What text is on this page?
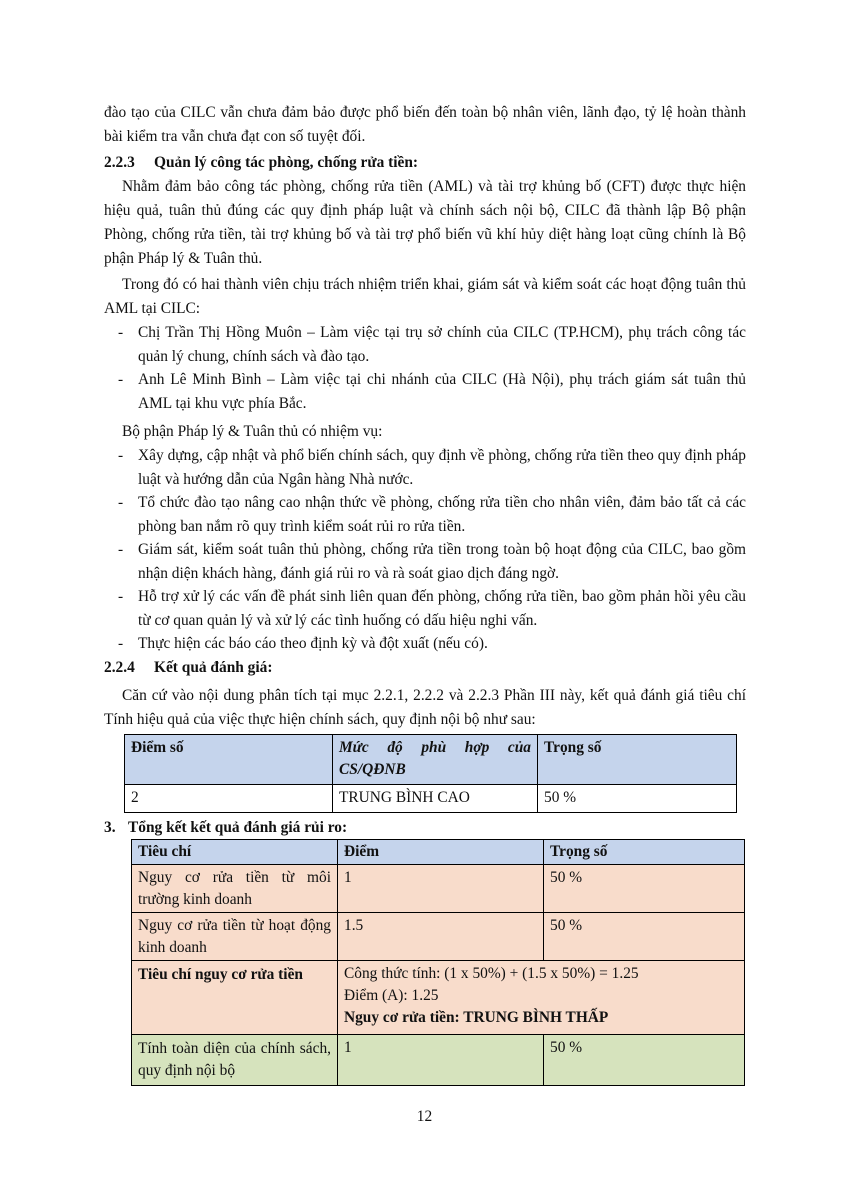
đào tạo của CILC vẫn chưa đảm bảo được phổ biến đến toàn bộ nhân viên, lãnh đạo, tỷ lệ hoàn thành bài kiểm tra vẫn chưa đạt con số tuyệt đối.

2.2.3 Quản lý công tác phòng, chống rửa tiền:

Nhằm đảm bảo công tác phòng, chống rửa tiền (AML) và tài trợ khủng bố (CFT) được thực hiện hiệu quả, tuân thủ đúng các quy định pháp luật và chính sách nội bộ, CILC đã thành lập Bộ phận Phòng, chống rửa tiền, tài trợ khủng bố và tài trợ phổ biến vũ khí hủy diệt hàng loạt cũng chính là Bộ phận Pháp lý & Tuân thủ.

Trong đó có hai thành viên chịu trách nhiệm triển khai, giám sát và kiểm soát các hoạt động tuân thủ AML tại CILC:

- Chị Trần Thị Hồng Muôn – Làm việc tại trụ sở chính của CILC (TP.HCM), phụ trách công tác quản lý chung, chính sách và đào tạo.
- Anh Lê Minh Bình – Làm việc tại chi nhánh của CILC (Hà Nội), phụ trách giám sát tuân thủ AML tại khu vực phía Bắc.

Bộ phận Pháp lý & Tuân thủ có nhiệm vụ:

- Xây dựng, cập nhật và phổ biến chính sách, quy định về phòng, chống rửa tiền theo quy định pháp luật và hướng dẫn của Ngân hàng Nhà nước.
- Tổ chức đào tạo nâng cao nhận thức về phòng, chống rửa tiền cho nhân viên, đảm bảo tất cả các phòng ban nắm rõ quy trình kiểm soát rủi ro rửa tiền.
- Giám sát, kiểm soát tuân thủ phòng, chống rửa tiền trong toàn bộ hoạt động của CILC, bao gồm nhận diện khách hàng, đánh giá rủi ro và rà soát giao dịch đáng ngờ.
- Hỗ trợ xử lý các vấn đề phát sinh liên quan đến phòng, chống rửa tiền, bao gồm phản hồi yêu cầu từ cơ quan quản lý và xử lý các tình huống có dấu hiệu nghi vấn.
- Thực hiện các báo cáo theo định kỳ và đột xuất (nếu có).

2.2.4 Kết quả đánh giá:

Căn cứ vào nội dung phân tích tại mục 2.2.1, 2.2.2 và 2.2.3 Phần III này, kết quả đánh giá tiêu chí Tính hiệu quả của việc thực hiện chính sách, quy định nội bộ như sau:

Điểm số	Mức độ phù hợp của CS/QĐNB	Trọng số
2	TRUNG BÌNH CAO	50 %

3. Tổng kết kết quả đánh giá rủi ro:

Tiêu chí	Điểm	Trọng số
Nguy cơ rửa tiền từ môi trường kinh doanh	1	50 %
Nguy cơ rửa tiền từ hoạt động kinh doanh	1.5	50 %
Tiêu chí nguy cơ rửa tiền	Công thức tính: (1 x 50%) + (1.5 x 50%) = 1.25
Điểm (A): 1.25
Nguy cơ rửa tiền: TRUNG BÌNH THẤP	

Tính toàn diện của chính sách, quy định nội bộ	1	50 %
12
